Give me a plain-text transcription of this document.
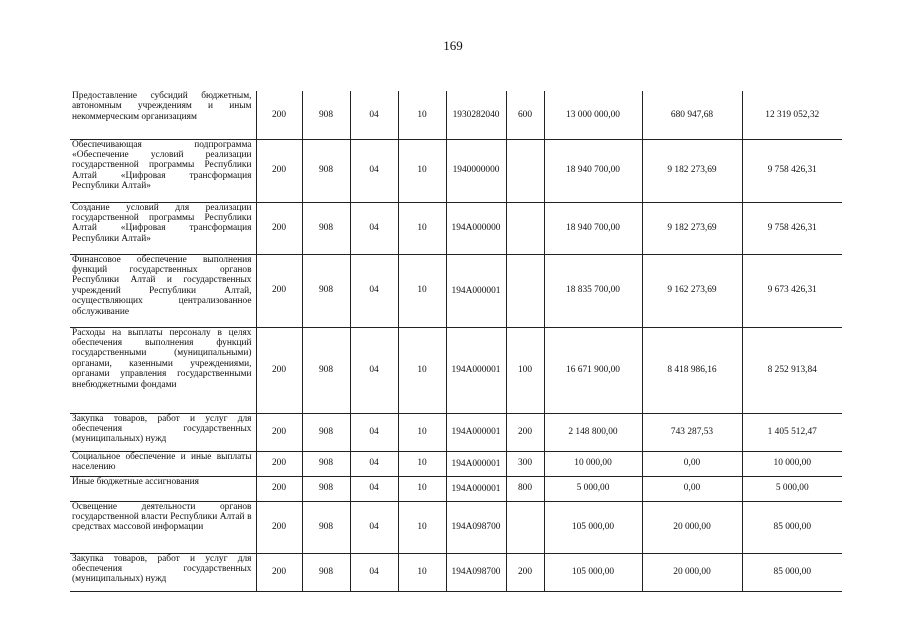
169
Предоставление субсидий бюджетным, автономным учреждениям и иным некоммерческим организациям	200	908	04	10	1930282040	600	13 000 000,00	680 947,68	12 319 052,32
Обеспечивающая подпрограмма «Обеспечение условий реализации государственной программы Республики Алтай «Цифровая трансформация Республики Алтай»	200	908	04	10	1940000000		18 940 700,00	9 182 273,69	9 758 426,31
Создание условий для реализации государственной программы Республики Алтай «Цифровая трансформация Республики Алтай»	200	908	04	10	194A000000		18 940 700,00	9 182 273,69	9 758 426,31
Финансовое обеспечение выполнения функций государственных органов Республики Алтай и государственных учреждений Республики Алтай, осуществляющих централизованное обслуживание	200	908	04	10	194A000001		18 835 700,00	9 162 273,69	9 673 426,31
Расходы на выплаты персоналу в целях обеспечения выполнения функций государственными (муниципальными) органами, казенными учреждениями, органами управления государственными внебюджетными фондами	200	908	04	10	194A000001	100	16 671 900,00	8 418 986,16	8 252 913,84
Закупка товаров, работ и услуг для обеспечения государственных (муниципальных) нужд	200	908	04	10	194A000001	200	2 148 800,00	743 287,53	1 405 512,47
Социальное обеспечение и иные выплаты населению	200	908	04	10	194A000001	300	10 000,00	0,00	10 000,00
Иные бюджетные ассигнования	200	908	04	10	194A000001	800	5 000,00	0,00	5 000,00
Освещение деятельности органов государственной власти Республики Алтай в средствах массовой информации	200	908	04	10	194A098700		105 000,00	20 000,00	85 000,00
Закупка товаров, работ и услуг для обеспечения государственных (муниципальных) нужд	200	908	04	10	194A098700	200	105 000,00	20 000,00	85 000,00
